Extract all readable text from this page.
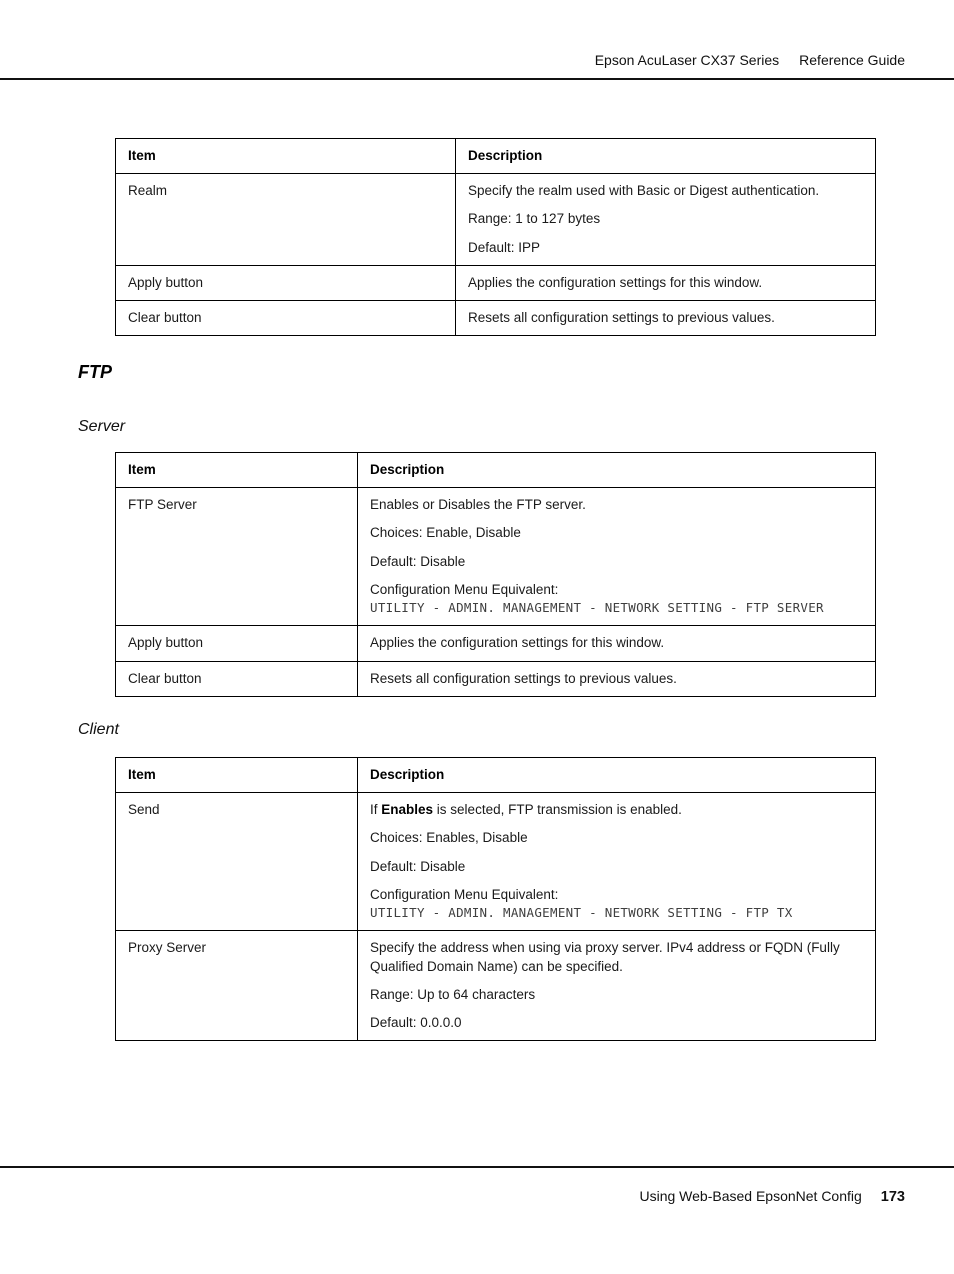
Epson AcuLaser CX37 Series Reference Guide
Item	Description
Realm	Specify the realm used with Basic or Digest authentication.

Range: 1 to 127 bytes

Default: IPP

Apply button	Applies the configuration settings for this window.

Clear button	Resets all configuration settings to previous values.

FTP
Server
Item	Description
FTP Server	Enables or Disables the FTP server.

Choices: Enable, Disable

Default: Disable

Configuration Menu Equivalent:
UTILITY - ADMIN. MANAGEMENT - NETWORK SETTING - FTP SERVER

Apply button	Applies the configuration settings for this window.

Clear button	Resets all configuration settings to previous values.

Client
Item	Description
Send	If Enables is selected, FTP transmission is enabled.

Choices: Enables, Disable

Default: Disable

Configuration Menu Equivalent:
UTILITY - ADMIN. MANAGEMENT - NETWORK SETTING - FTP TX

Proxy Server	Specify the address when using via proxy server. IPv4 address or FQDN (Fully Qualified Domain Name) can be specified.

Range: Up to 64 characters

Default: 0.0.0.0

Using Web-Based EpsonNet Config 173
